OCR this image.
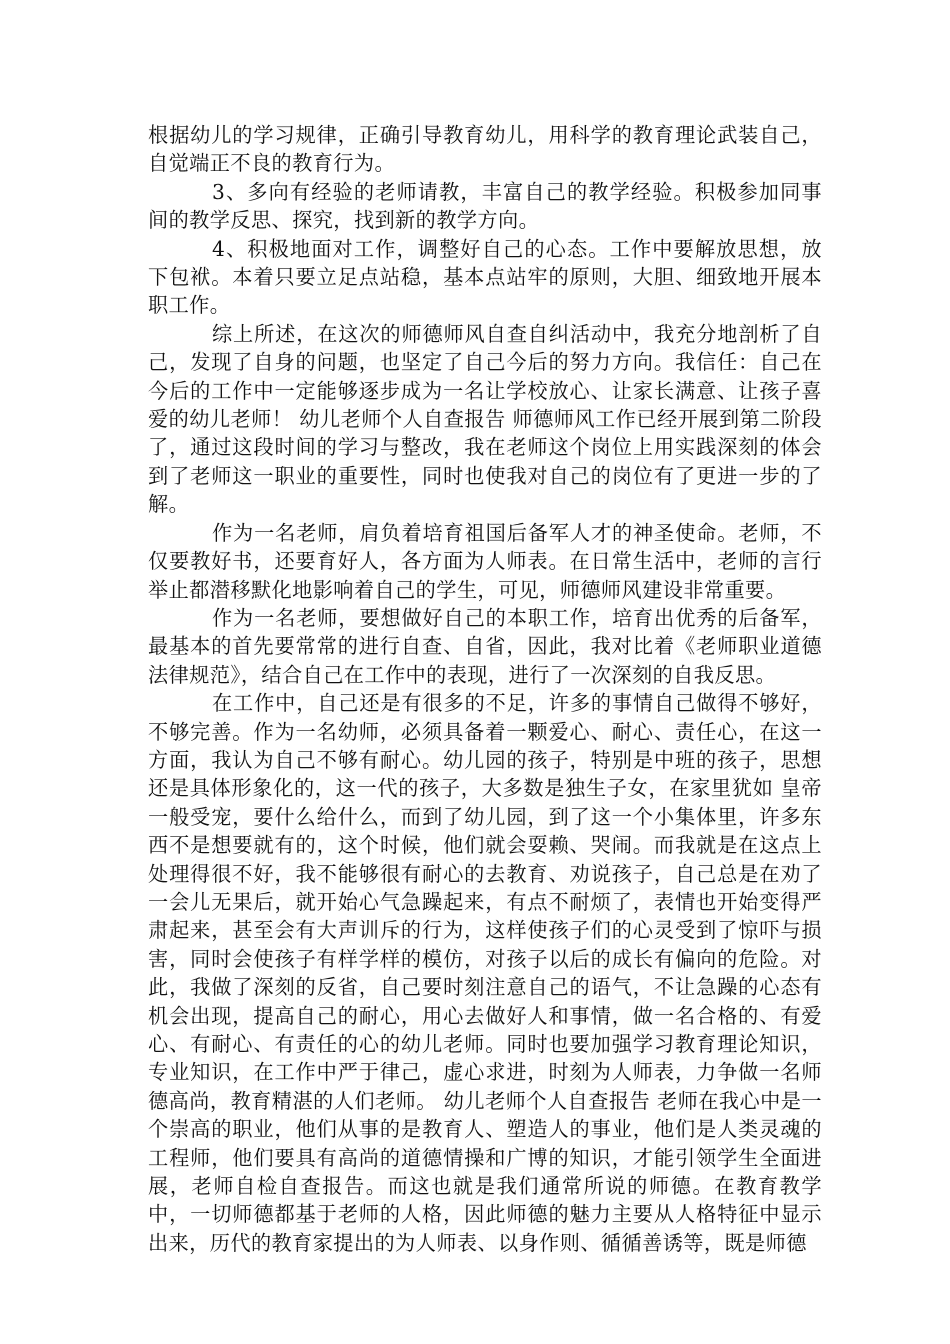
根据幼儿的学习规律，正确引导教育幼儿，用科学的教育理论武装自己，自觉端正不良的教育行为。

3、多向有经验的老师请教，丰富自己的教学经验。积极参加同事间的教学反思、探究，找到新的教学方向。

4、积极地面对工作，调整好自己的心态。工作中要解放思想，放下包袱。本着只要立足点站稳，基本点站牢的原则，大胆、细致地开展本职工作。

综上所述，在这次的师德师风自查自纠活动中，我充分地剖析了自己，发现了自身的问题，也坚定了自己今后的努力方向。我信任：自己在今后的工作中一定能够逐步成为一名让学校放心、让家长满意、让孩子喜爱的幼儿老师！ 幼儿老师个人自查报告 师德师风工作已经开展到第二阶段了，通过这段时间的学习与整改，我在老师这个岗位上用实践深刻的体会到了老师这一职业的重要性，同时也使我对自己的岗位有了更进一步的了解。

作为一名老师，肩负着培育祖国后备军人才的神圣使命。老师，不仅要教好书，还要育好人，各方面为人师表。在日常生活中，老师的言行举止都潜移默化地影响着自己的学生，可见，师德师风建设非常重要。

作为一名老师，要想做好自己的本职工作，培育出优秀的后备军，最基本的首先要常常的进行自查、自省，因此，我对比着《老师职业道德法律规范》，结合自己在工作中的表现，进行了一次深刻的自我反思。

在工作中，自己还是有很多的不足，许多的事情自己做得不够好，不够完善。作为一名幼师，必须具备着一颗爱心、耐心、责任心，在这一方面，我认为自己不够有耐心。幼儿园的孩子，特别是中班的孩子，思想还是具体形象化的，这一代的孩子，大多数是独生子女，在家里犹如 皇帝 一般受宠，要什么给什么，而到了幼儿园，到了这一个小集体里，许多东西不是想要就有的，这个时候，他们就会耍赖、哭闹。而我就是在这点上处理得很不好，我不能够很有耐心的去教育、劝说孩子，自己总是在劝了一会儿无果后，就开始心气急躁起来，有点不耐烦了，表情也开始变得严肃起来，甚至会有大声训斥的行为，这样使孩子们的心灵受到了惊吓与损害，同时会使孩子有样学样的模仿，对孩子以后的成长有偏向的危险。对此，我做了深刻的反省，自己要时刻注意自己的语气，不让急躁的心态有机会出现，提高自己的耐心，用心去做好人和事情，做一名合格的、有爱心、有耐心、有责任的心的幼儿老师。同时也要加强学习教育理论知识，专业知识，在工作中严于律己，虚心求进，时刻为人师表，力争做一名师德高尚，教育精湛的人们老师。 幼儿老师个人自查报告 老师在我心中是一个崇高的职业，他们从事的是教育人、塑造人的事业，他们是人类灵魂的工程师，他们要具有高尚的道德情操和广博的知识，才能引领学生全面进展，老师自检自查报告。而这也就是我们通常所说的师德。在教育教学中，一切师德都基于老师的人格，因此师德的魅力主要从人格特征中显示出来，历代的教育家提出的为人师表、以身作则、循循善诱等，既是师德
